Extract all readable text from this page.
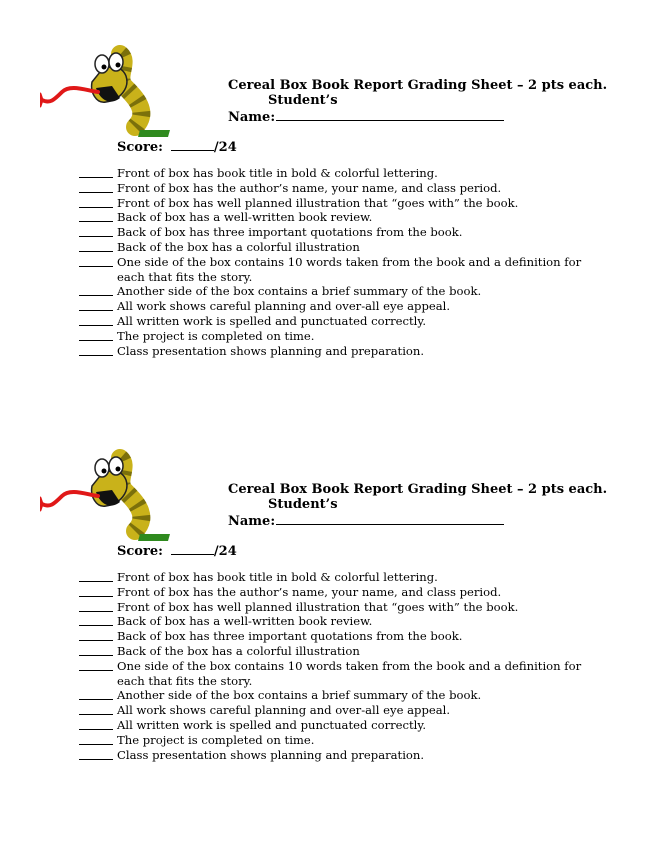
Cereal Box Book Report Grading Sheet – 2 pts each.
Student’s
Name:
Score:	/24
Front of box has book title in bold & colorful lettering.
Front of box has the author’s name, your name, and class period.
Front of box has well planned illustration that “goes with” the book.
Back of box has a well-written book review.
Back of box has three important quotations from the book.
Back of the box has a colorful illustration
One side of the box contains 10 words taken from the book and a definition for each that fits the story.
Another side of the box contains a brief summary of the book.
All work shows careful planning and over-all eye appeal.
All written work is spelled and punctuated correctly.
The project is completed on time.
Class presentation shows planning and preparation.
Cereal Box Book Report Grading Sheet – 2 pts each.
Student’s
Name:
Score:	/24
Front of box has book title in bold & colorful lettering.
Front of box has the author’s name, your name, and class period.
Front of box has well planned illustration that “goes with” the book.
Back of box has a well-written book review.
Back of box has three important quotations from the book.
Back of the box has a colorful illustration
One side of the box contains 10 words taken from the book and a definition for each that fits the story.
Another side of the box contains a brief summary of the book.
All work shows careful planning and over-all eye appeal.
All written work is spelled and punctuated correctly.
The project is completed on time.
Class presentation shows planning and preparation.
